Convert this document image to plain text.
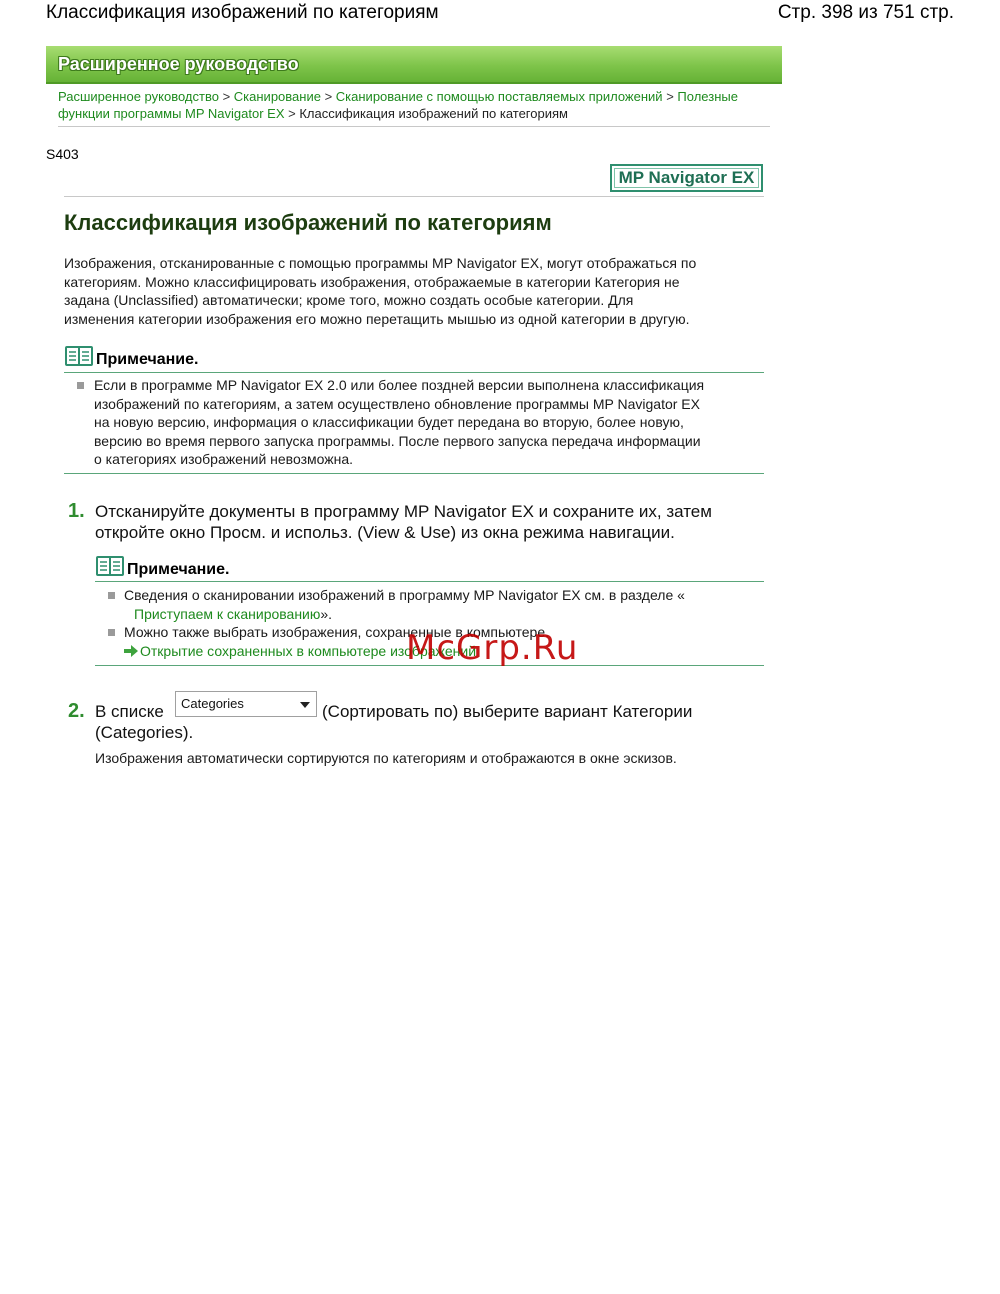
Классификация изображений по категориям	Стр. 398 из 751 стр.
Расширенное руководство
Расширенное руководство > Сканирование > Сканирование с помощью поставляемых приложений > Полезные функции программы MP Navigator EX > Классификация изображений по категориям
S403
MP Navigator EX
Классификация изображений по категориям
Изображения, отсканированные с помощью программы MP Navigator EX, могут отображаться по
категориям. Можно классифицировать изображения, отображаемые в категории Категория не
задана (Unclassified) автоматически; кроме того, можно создать особые категории. Для
изменения категории изображения его можно перетащить мышью из одной категории в другую.
Примечание.
Если в программе MP Navigator EX 2.0 или более поздней версии выполнена классификация
изображений по категориям, а затем осуществлено обновление программы MP Navigator EX
на новую версию, информация о классификации будет передана во вторую, более новую,
версию во время первого запуска программы. После первого запуска передача информации
о категориях изображений невозможна.
1. Отсканируйте документы в программу MP Navigator EX и сохраните их, затем
откройте окно Просм. и использ. (View & Use) из окна режима навигации.
Примечание.
Сведения о сканировании изображений в программу MP Navigator EX см. в разделе «
Приступаем к сканированию».
Можно также выбрать изображения, сохраненные в компьютере.
Открытие сохраненных в компьютере изображений
McGrp.Ru
2. В списке Categories	(Сортировать по) выберите вариант Категории
(Categories).
Изображения автоматически сортируются по категориям и отображаются в окне эскизов.
